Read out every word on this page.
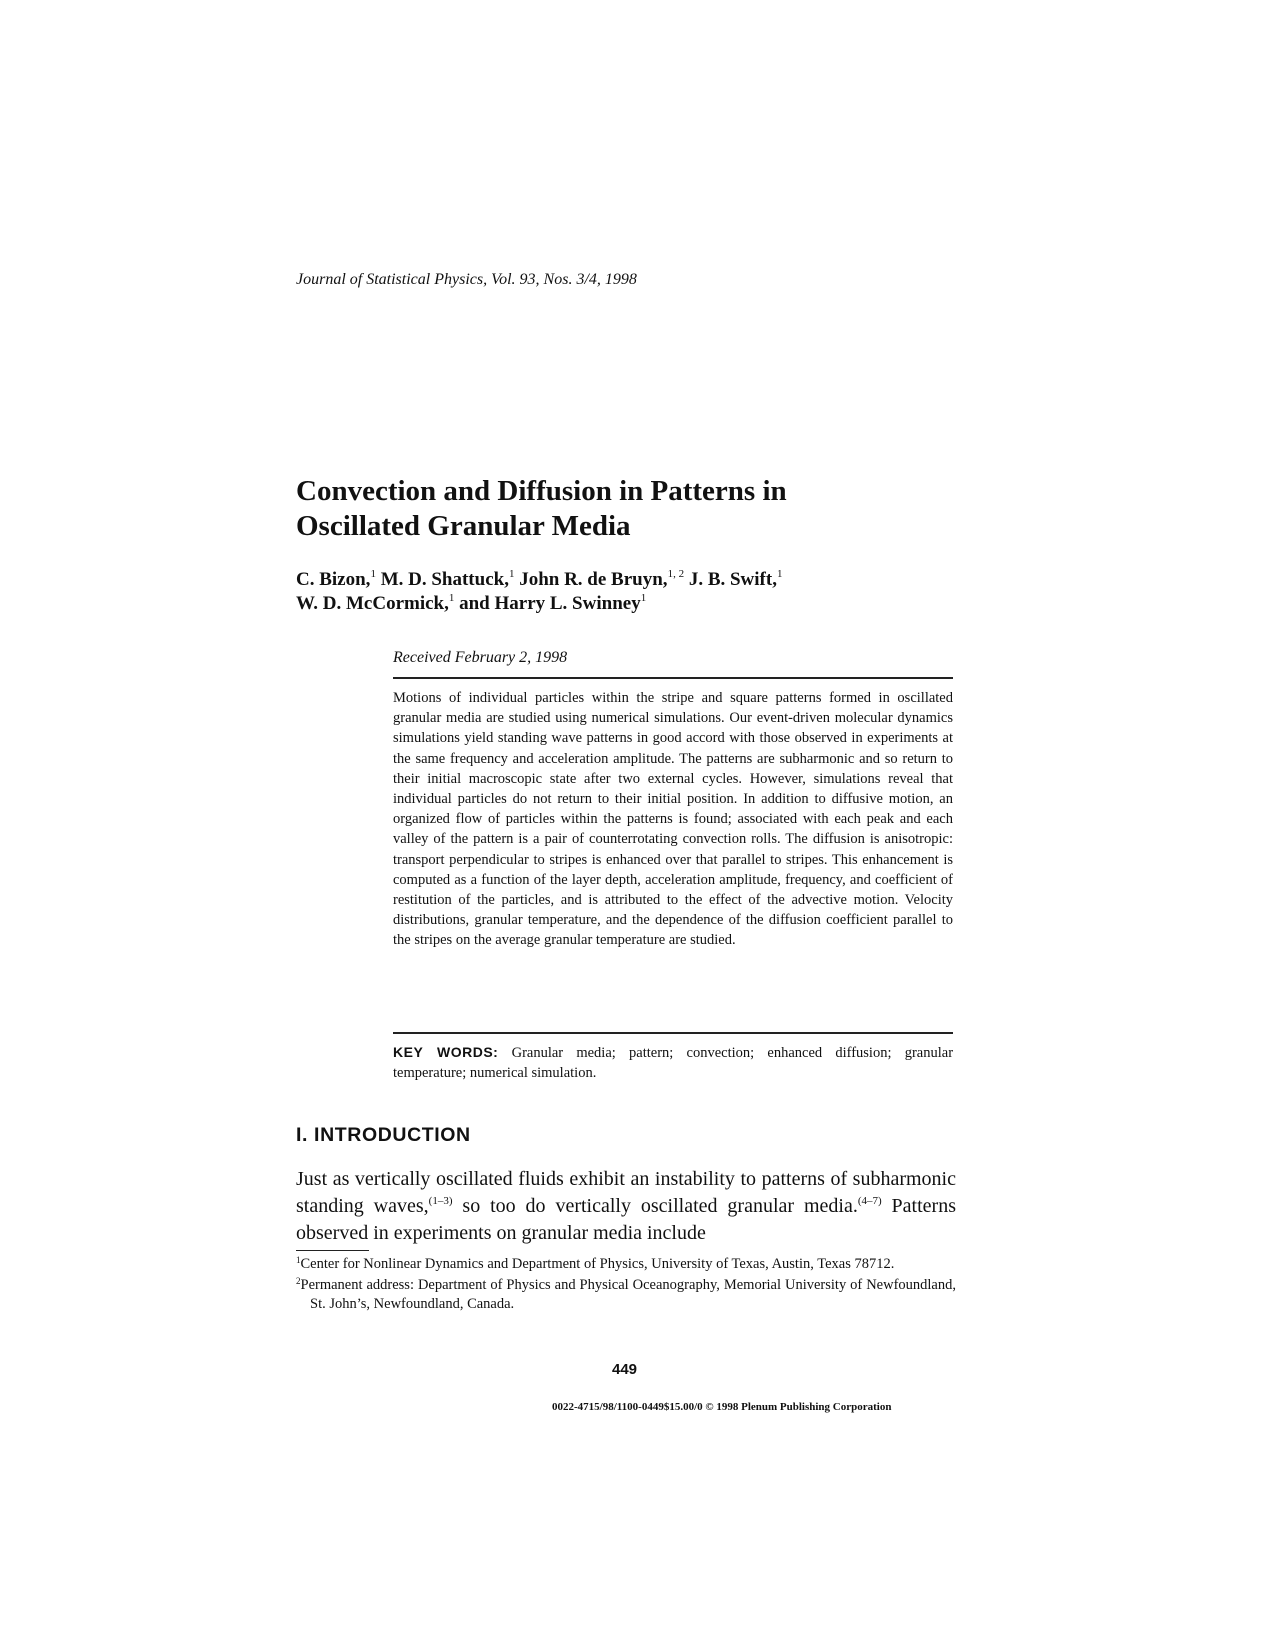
Journal of Statistical Physics, Vol. 93, Nos. 3/4, 1998
Convection and Diffusion in Patterns in
Oscillated Granular Media
C. Bizon,$^1$ M. D. Shattuck,$^1$ John R. de Bruyn,$^{1, 2}$ J. B. Swift,$^1$
W. D. McCormick,$^1$ and Harry L. Swinney$^1$
Received February 2, 1998
Motions of individual particles within the stripe and square patterns formed in oscillated granular media are studied using numerical simulations. Our event-driven molecular dynamics simulations yield standing wave patterns in good accord with those observed in experiments at the same frequency and acceleration amplitude. The patterns are subharmonic and so return to their initial macroscopic state after two external cycles. However, simulations reveal that individual particles do not return to their initial position. In addition to diffusive motion, an organized flow of particles within the patterns is found; associated with each peak and each valley of the pattern is a pair of counterrotating convection rolls. The diffusion is anisotropic: transport perpendicular to stripes is enhanced over that parallel to stripes. This enhancement is computed as a function of the layer depth, acceleration amplitude, frequency, and coefficient of restitution of the particles, and is attributed to the effect of the advective motion. Velocity distributions, granular temperature, and the dependence of the diffusion coefficient parallel to the stripes on the average granular temperature are studied.
KEY WORDS: Granular media; pattern; convection; enhanced diffusion; granular temperature; numerical simulation.
I. INTRODUCTION
Just as vertically oscillated fluids exhibit an instability to patterns of subharmonic standing waves,$^{(1-3)}$ so too do vertically oscillated granular media.$^{(4-7)}$ Patterns observed in experiments on granular media include
$^1$Center for Nonlinear Dynamics and Department of Physics, University of Texas, Austin, Texas 78712.
$^2$Permanent address: Department of Physics and Physical Oceanography, Memorial University of Newfoundland, St. John’s, Newfoundland, Canada.
449
0022-4715/98/1100-0449$15.00/0 © 1998 Plenum Publishing Corporation
